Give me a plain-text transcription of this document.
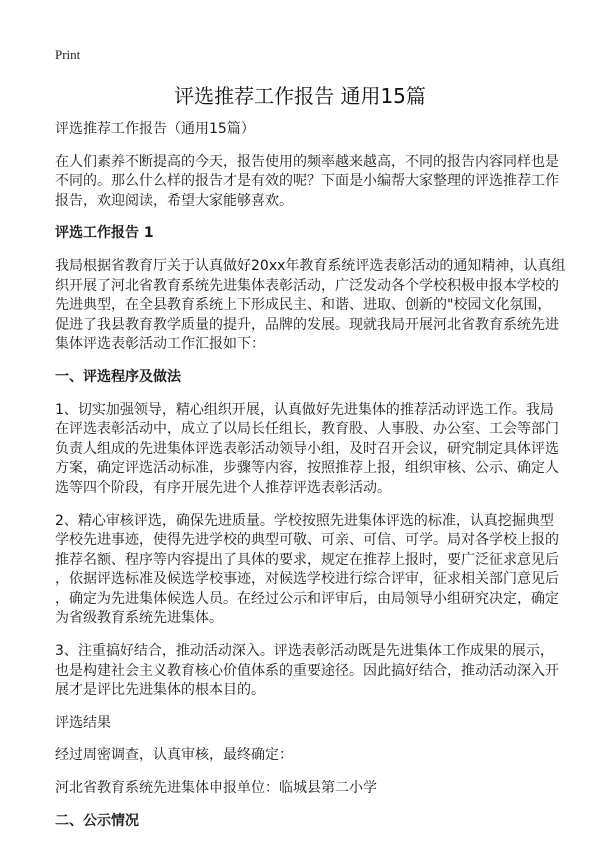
Print
评选推荐工作报告 通用15篇
评选推荐工作报告（通用15篇）
在人们素养不断提高的今天，报告使用的频率越来越高，不同的报告内容同样也是
不同的。那么什么样的报告才是有效的呢？下面是小编帮大家整理的评选推荐工作
报告，欢迎阅读，希望大家能够喜欢。
评选工作报告 1
我局根据省教育厅关于认真做好20xx年教育系统评选表彰活动的通知精神，认真组
织开展了河北省教育系统先进集体表彰活动，广泛发动各个学校积极申报本学校的
先进典型，在全县教育系统上下形成民主、和谐、进取、创新的"校园文化氛围，
促进了我县教育教学质量的提升，品牌的发展。现就我局开展河北省教育系统先进
集体评选表彰活动工作汇报如下：
一、评选程序及做法
1、切实加强领导，精心组织开展，认真做好先进集体的推荐活动评选工作。我局
在评选表彰活动中，成立了以局长任组长，教育股、人事股、办公室、工会等部门
负责人组成的先进集体评选表彰活动领导小组，及时召开会议，研究制定具体评选
方案，确定评选活动标准，步骤等内容，按照推荐上报，组织审核、公示、确定人
选等四个阶段，有序开展先进个人推荐评选表彰活动。
2、精心审核评选，确保先进质量。学校按照先进集体评选的标准，认真挖掘典型
学校先进事迹，使得先进学校的典型可敬、可亲、可信、可学。局对各学校上报的
推荐名额、程序等内容提出了具体的要求，规定在推荐上报时，要广泛征求意见后
，依据评选标准及候选学校事迹，对候选学校进行综合评审，征求相关部门意见后
，确定为先进集体候选人员。在经过公示和评审后，由局领导小组研究决定，确定
为省级教育系统先进集体。
3、注重搞好结合，推动活动深入。评选表彰活动既是先进集体工作成果的展示，
也是构建社会主义教育核心价值体系的重要途径。因此搞好结合，推动活动深入开
展才是评比先进集体的根本目的。
评选结果
经过周密调查，认真审核，最终确定：
河北省教育系统先进集体申报单位：临城县第二小学
二、公示情况
